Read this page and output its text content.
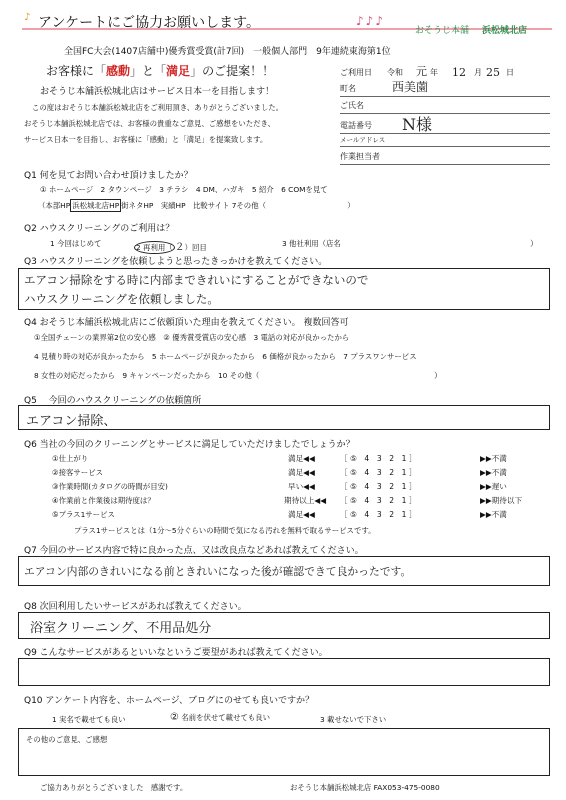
♪ アンケートにご協力お願いします。	♪♪♪
おそうじ本舗 浜松城北店
全国FC大会(1407店舗中)優秀賞受賞(計7回)　一般個人部門　9年連続東海第1位
お客様に「感動」と「満足」のご提案！！
おそうじ本舗浜松城北店はサービス日本一を目指します！
この度はおそうじ本舗浜松城北店をご利用頂き、ありがとうございました。
おそうじ本舗浜松城北店では、お客様の貴重なご意見、ご感想をいただき、
サービス日本一を目指し、お客様に「感動」と「満足」を提案致します。
ご利用日 令和 元 年 12 月 25 日
町名	西美薗
ご氏名
電話番号 N様
メールアドレス
作業担当者
Q1 何を見てお問い合わせ頂けましたか？
① ホームページ　2 タウンページ　3 チラシ　4 DM、ハガキ　5 紹介　6 COMを見て
（本部HP 浜松城北店HP 街ネタHP　実績HP　比較サイト 7その他（　　　　　　　　　　　）
Q2 ハウスクリーニングのご利用は？
1 今回はじめて	2 再利用（ ２）回目	3 他社利用（店名	）
Q3 ハウスクリーニングを依頼しようと思ったきっかけを教えてください。
エアコン掃除をする時に内部まできれいにすることができないので
ハウスクリーニングを依頼しました。
Q4 おそうじ本舗浜松城北店にご依頼頂いた理由を教えてください。 複数回答可
①全国チェーンの業界第2位の安心感　② 優秀賞受賞店の安心感　3 電話の対応が良かったから
4 見積り時の対応が良かったから　5 ホームページが良かったから　6 価格が良かったから　7 プラスワンサービス
8 女性の対応だったから　9 キャンペーンだったから　10 その他（	）
Q5 　今回のハウスクリーニングの依頼箇所
エアコン掃除、
Q6 当社の今回のクリーニングとサービスに満足していただけましたでしょうか？
①仕上がり	満足◀◀	［ ⑤　4　3　2　1 ］	▶▶不満
②接客サービス	満足◀◀	［ ⑤　4　3　2　1 ］	▶▶不満
③作業時間(カタログの時間が目安)	早い◀◀	［ ⑤　4　3　2　1 ］	▶▶遅い
④作業前と作業後は期待度は？	期待以上◀◀ ［ ⑤　4　3　2　1 ］	▶▶期待以下
⑤プラス1サービス	満足◀◀	［ ⑤　4　3　2　1 ］	▶▶不満
プラス1サービスとは（1分～5分ぐらいの時間で気になる汚れを無料で取るサービスです。
Q7 今回のサービス内容で特に良かった点、又は改良点などあれば教えてください。
エアコン内部のきれいになる前ときれいになった後が確認できて良かったです。
Q8 次回利用したいサービスがあれば教えてください。
浴室クリーニング、不用品処分
Q9 こんなサービスがあるといいなというご要望があれば教えてください。
Q10 アンケート内容を、ホームページ、ブログにのせても良いですか？
1 実名で載せても良い	② 名前を伏せて載せても良い	3 載せないで下さい
その他のご意見、ご感想
ご協力ありがとうございました　感謝です。	おそうじ本舗浜松城北店 FAX053-475-0080
